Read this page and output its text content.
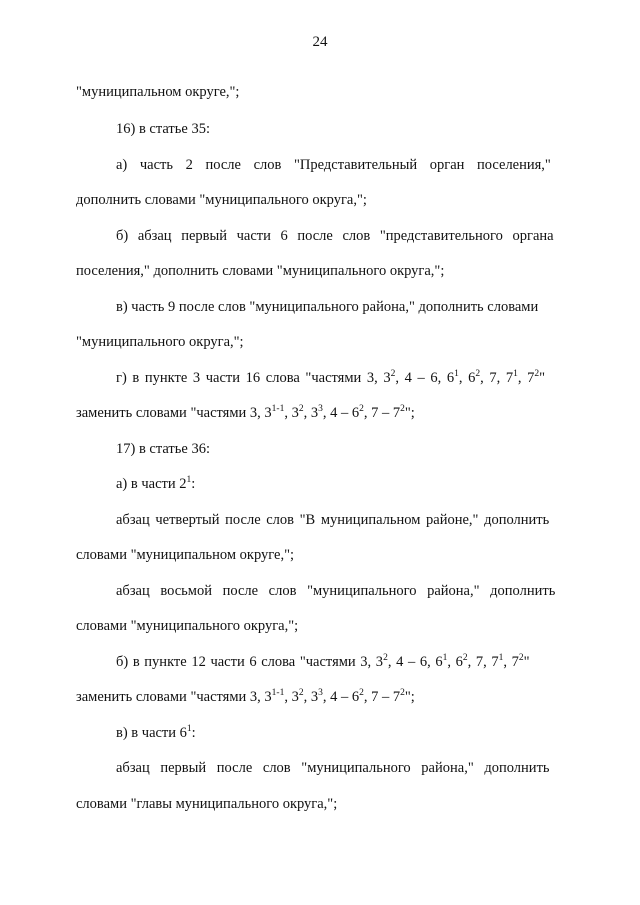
24
"муниципальном округе,";
16) в статье 35:
а) часть 2 после слов "Представительный орган поселения,"
дополнить словами "муниципального округа,";
б) абзац первый части 6 после слов "представительного органа
поселения," дополнить словами "муниципального округа,";
в) часть 9 после слов "муниципального района," дополнить словами
"муниципального округа,";
г) в пункте 3 части 16 слова "частями 3, $3^2$, 4 – 6, $6^1$, $6^2$, 7, $7^1$, $7^2$"
заменить словами "частями 3, 3$^{1-1}$, $3^2$, $3^3$, $4 - 6^2$, $7 - 7^2$";
17) в статье 36:
а) в части $2^1$:
абзац четвертый после слов "В муниципальном районе," дополнить
словами "муниципальном округе,";
абзац восьмой после слов "муниципального района," дополнить
словами "муниципального округа,";
б) в пункте 12 части 6 слова "частями 3, $3^2$, 4 – 6, $6^1$, $6^2$, 7, $7^1$, $7^2$"
заменить словами "частями 3, 3$^{1-1}$, $3^2$, $3^3$, $4 - 6^2$, $7 - 7^2$";
в) в части $6^1$:
абзац первый после слов "муниципального района," дополнить
словами "главы муниципального округа,";
